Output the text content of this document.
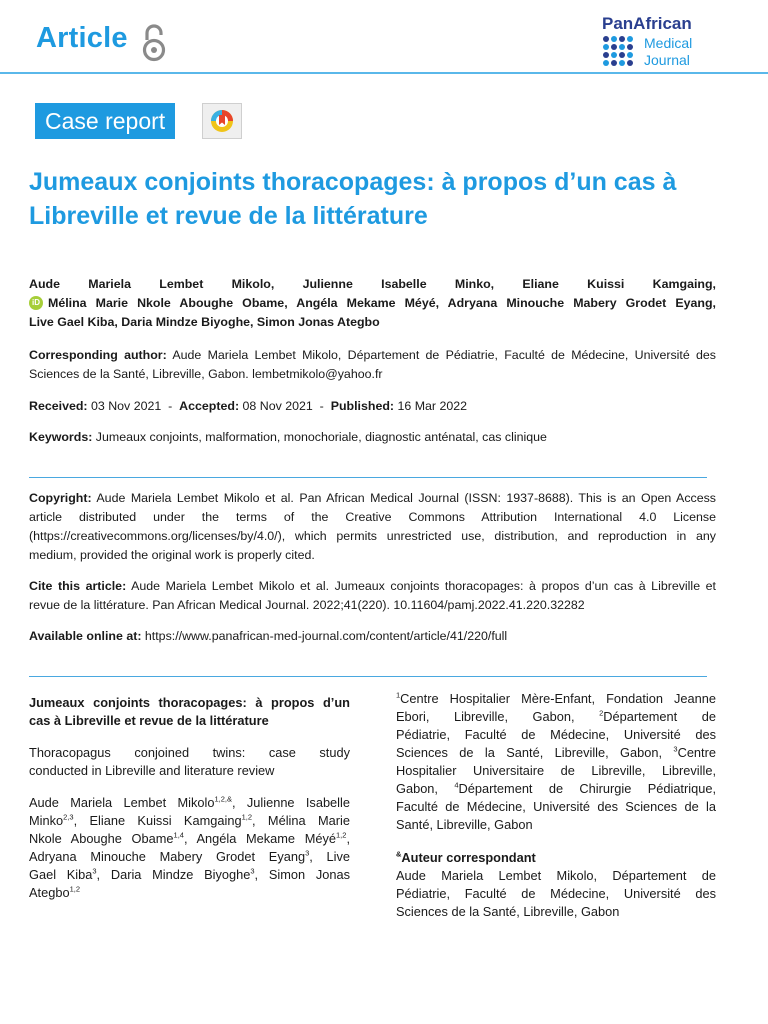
Article	PanAfrican
Medical
Journal
Case report
Jumeaux conjoints thoracopages: à propos d’un cas à Libreville et revue de la littérature
Aude Mariela Lembet Mikolo, Julienne Isabelle Minko, Eliane Kuissi Kamgaing,
iD Mélina Marie Nkole Aboughe Obame, Angéla Mekame Méyé, Adryana Minouche Mabery Grodet Eyang,
Live Gael Kiba, Daria Mindze Biyoghe, Simon Jonas Ategbo
Corresponding author: Aude Mariela Lembet Mikolo, Département de Pédiatrie, Faculté de Médecine, Université des
Sciences de la Santé, Libreville, Gabon. lembetmikolo@yahoo.fr
Received: 03 Nov 2021  -  Accepted: 08 Nov 2021  -  Published: 16 Mar 2022
Keywords: Jumeaux conjoints, malformation, monochoriale, diagnostic anténatal, cas clinique
Copyright: Aude Mariela Lembet Mikolo et al. Pan African Medical Journal (ISSN: 1937-8688). This is an Open Access
article distributed under the terms of the Creative Commons Attribution International 4.0 License
(https://creativecommons.org/licenses/by/4.0/), which permits unrestricted use, distribution, and reproduction in any
medium, provided the original work is properly cited.
Cite this article: Aude Mariela Lembet Mikolo et al. Jumeaux conjoints thoracopages: à propos d’un cas à Libreville et
revue de la littérature. Pan African Medical Journal. 2022;41(220). 10.11604/pamj.2022.41.220.32282
Available online at: https://www.panafrican-med-journal.com/content/article/41/220/full
Jumeaux conjoints thoracopages: à propos d’un
cas à Libreville et revue de la littérature
Thoracopagus conjoined twins: case study
conducted in Libreville and literature review
Aude Mariela Lembet Mikolo$^{1,2,\&}$, Julienne Isabelle
Minko$^{2,3}$, Eliane Kuissi Kamgaing$^{1,2}$, Mélina Marie
Nkole Aboughe Obame$^{1,4}$, Angéla Mekame Méyé$^{1,2}$,
Adryana Minouche Mabery Grodet Eyang$^3$, Live
Gael Kiba$^3$, Daria Mindze Biyoghe$^3$, Simon Jonas
Ategbo$^{1,2}$
$^1$Centre Hospitalier Mère-Enfant, Fondation Jeanne
Ebori, Libreville, Gabon, $^2$Département de
Pédiatrie, Faculté de Médecine, Université des
Sciences de la Santé, Libreville, Gabon, $^3$Centre
Hospitalier Universitaire de Libreville, Libreville,
Gabon, $^4$Département de Chirurgie Pédiatrique,
Faculté de Médecine, Université des Sciences de la
Santé, Libreville, Gabon
&Auteur correspondant
Aude Mariela Lembet Mikolo, Département de
Pédiatrie, Faculté de Médecine, Université des
Sciences de la Santé, Libreville, Gabon
